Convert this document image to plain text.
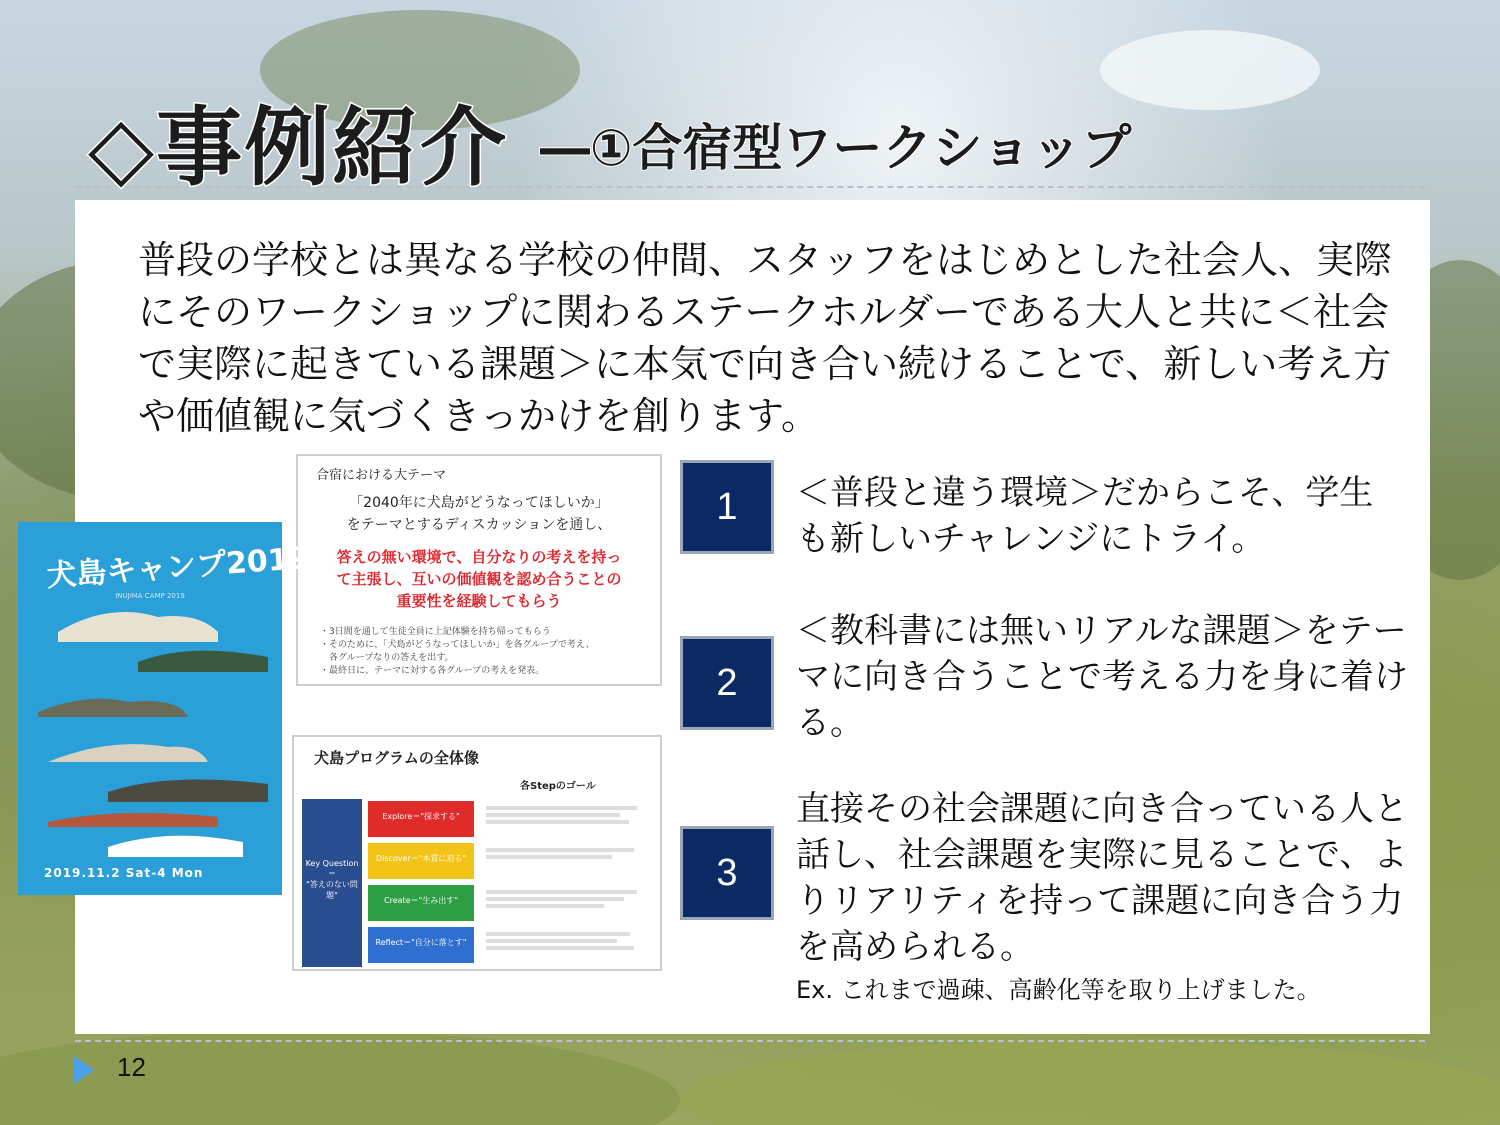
◇事例紹介 ―①合宿型ワークショップ

普段の学校とは異なる学校の仲間、スタッフをはじめとした社会人、実際にそのワークショップに関わるステークホルダーである大人と共に＜社会で実際に起きている課題＞に本気で向き合い続けることで、新しい考え方や価値観に気づくきっかけを創ります。

合宿における大テーマ
「2040年に犬島がどうなってほしいか」
をテーマとするディスカッションを通し、
答えの無い環境で、自分なりの考えを持っ
て主張し、互いの価値観を認め合うことの
重要性を経験してもらう
・3日間を通して生徒全員に上記体験を持ち帰ってもらう
・そのために、「犬島がどうなってほしいか」を各グループで考え、
　各グループなりの答えを出す。
・最終日に、テーマに対する各グループの考えを発表。
犬島プログラムの全体像
各Stepのゴール
Key Question＝
"答えのない問題"
Explore＝"探求する"
Discover＝"本質に迫る"
Create＝"生み出す"
Reflect＝"自分に落とす"
犬島キャンプ2019
INUJIMA CAMP 2019
2019.11.2 Sat-4 Mon
1	＜普段と違う環境＞だからこそ、学生も新しいチャレンジにトライ。

2

＜教科書には無いリアルな課題＞をテーマに向き合うことで考える力を身に着ける。

3

直接その社会課題に向き合っている人と話し、社会課題を実際に見ることで、よりリアリティを持って課題に向き合う力を高められる。

Ex. これまで過疎、高齢化等を取り上げました。

12
